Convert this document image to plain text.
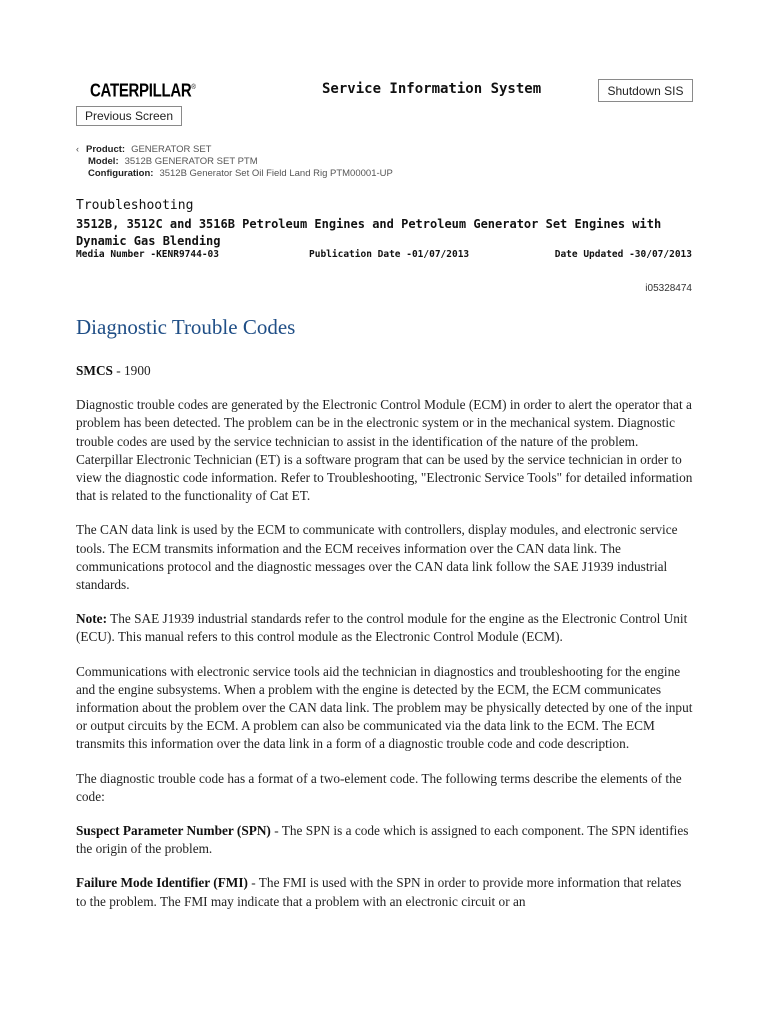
CATERPILLAR®	Service Information System	Shutdown SIS
Previous Screen
‹ Product: GENERATOR SET
Model: 3512B GENERATOR SET PTM
Configuration: 3512B Generator Set Oil Field Land Rig PTM00001-UP
Troubleshooting
3512B, 3512C and 3516B Petroleum Engines and Petroleum Generator Set Engines with Dynamic Gas Blending
Media Number -KENR9744-03	Publication Date -01/07/2013	Date Updated -30/07/2013
i05328474
Diagnostic Trouble Codes

SMCS - 1900

Diagnostic trouble codes are generated by the Electronic Control Module (ECM) in order to alert the operator that a problem has been detected. The problem can be in the electronic system or in the mechanical system. Diagnostic trouble codes are used by the service technician to assist in the identification of the nature of the problem. Caterpillar Electronic Technician (ET) is a software program that can be used by the service technician in order to view the diagnostic code information. Refer to Troubleshooting, "Electronic Service Tools" for detailed information that is related to the functionality of Cat ET.

The CAN data link is used by the ECM to communicate with controllers, display modules, and electronic service tools. The ECM transmits information and the ECM receives information over the CAN data link. The communications protocol and the diagnostic messages over the CAN data link follow the SAE J1939 industrial standards.

Note: The SAE J1939 industrial standards refer to the control module for the engine as the Electronic Control Unit (ECU). This manual refers to this control module as the Electronic Control Module (ECM).

Communications with electronic service tools aid the technician in diagnostics and troubleshooting for the engine and the engine subsystems. When a problem with the engine is detected by the ECM, the ECM communicates information about the problem over the CAN data link. The problem may be physically detected by one of the input or output circuits by the ECM. A problem can also be communicated via the data link to the ECM. The ECM transmits this information over the data link in a form of a diagnostic trouble code and code description.

The diagnostic trouble code has a format of a two-element code. The following terms describe the elements of the code:

Suspect Parameter Number (SPN) - The SPN is a code which is assigned to each component. The SPN identifies the origin of the problem.

Failure Mode Identifier (FMI) - The FMI is used with the SPN in order to provide more information that relates to the problem. The FMI may indicate that a problem with an electronic circuit or an
